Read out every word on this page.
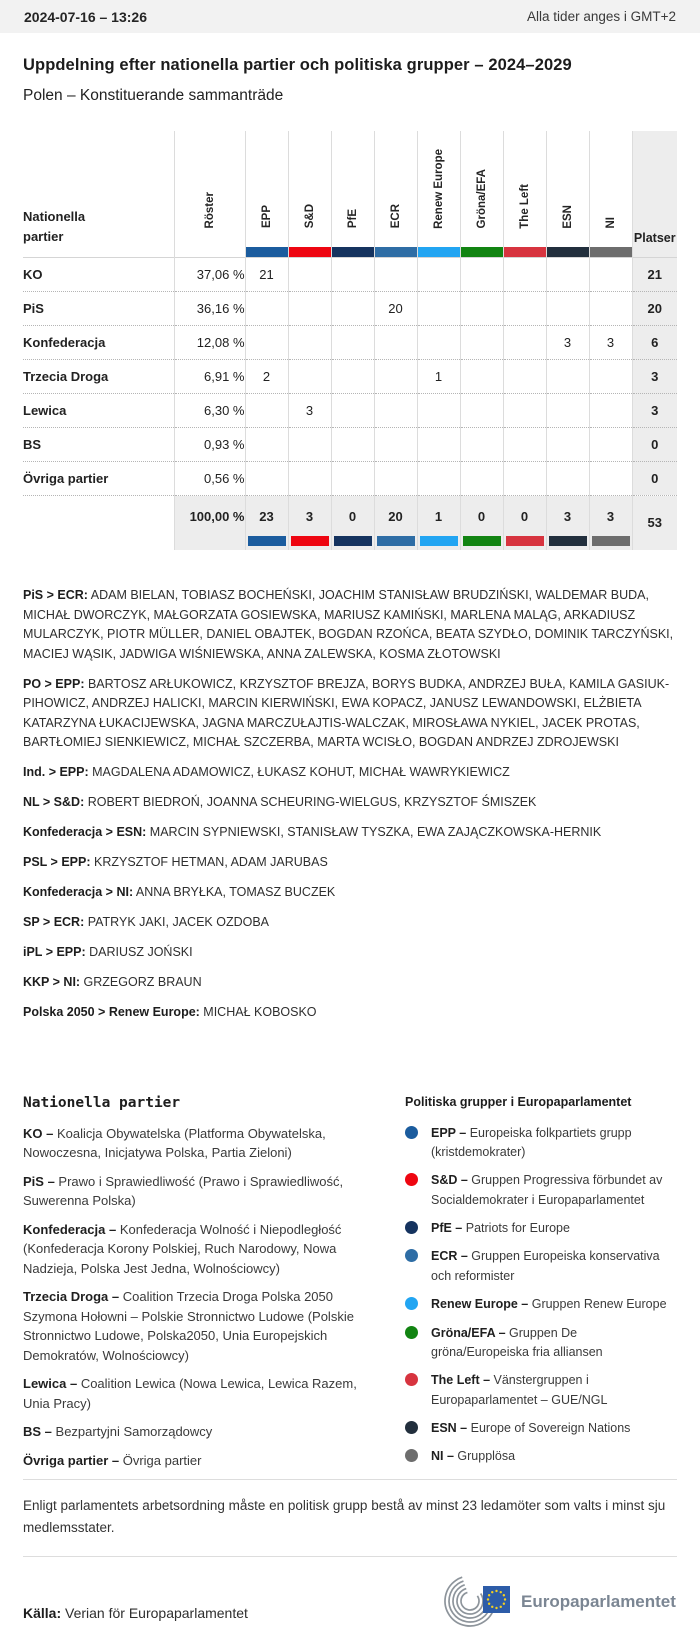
2024-07-16 – 13:26	Alla tider anges i GMT+2
Uppdelning efter nationella partier och politiska grupper – 2024–2029
Polen – Konstituerande sammanträde
Nationella partier	Röster	EPP	S&D	PfE	ECR	Renew Europe	Gröna/EFA	The Left	ESN	NI	Platser
KO	37,06 %	21									21
PiS	36,16 %				20						20
Konfederacja	12,08 %								3	3	6
Trzecia Droga	6,91 %	2				1					3
Lewica	6,30 %		3								3
BS	0,93 %										0
Övriga partier	0,56 %										0
	100,00 %	23	3	0	20	1	0	0	3	3	53

PiS > ECR: ADAM BIELAN, TOBIASZ BOCHEŃSKI, JOACHIM STANISŁAW BRUDZIŃSKI, WALDEMAR BUDA, MICHAŁ DWORCZYK, MAŁGORZATA GOSIEWSKA, MARIUSZ KAMIŃSKI, MARLENA MALĄG, ARKADIUSZ MULARCZYK, PIOTR MÜLLER, DANIEL OBAJTEK, BOGDAN RZOŃCA, BEATA SZYDŁO, DOMINIK TARCZYŃSKI, MACIEJ WĄSIK, JADWIGA WIŚNIEWSKA, ANNA ZALEWSKA, KOSMA ZŁOTOWSKI

PO > EPP: BARTOSZ ARŁUKOWICZ, KRZYSZTOF BREJZA, BORYS BUDKA, ANDRZEJ BUŁA, KAMILA GASIUK-PIHOWICZ, ANDRZEJ HALICKI, MARCIN KIERWIŃSKI, EWA KOPACZ, JANUSZ LEWANDOWSKI, ELŻBIETA KATARZYNA ŁUKACIJEWSKA, JAGNA MARCZUŁAJTIS-WALCZAK, MIROSŁAWA NYKIEL, JACEK PROTAS, BARTŁOMIEJ SIENKIEWICZ, MICHAŁ SZCZERBA, MARTA WCISŁO, BOGDAN ANDRZEJ ZDROJEWSKI

Ind. > EPP: MAGDALENA ADAMOWICZ, ŁUKASZ KOHUT, MICHAŁ WAWRYKIEWICZ

NL > S&D: ROBERT BIEDROŃ, JOANNA SCHEURING-WIELGUS, KRZYSZTOF ŚMISZEK

Konfederacja > ESN: MARCIN SYPNIEWSKI, STANISŁAW TYSZKA, EWA ZAJĄCZKOWSKA-HERNIK

PSL > EPP: KRZYSZTOF HETMAN, ADAM JARUBAS

Konfederacja > NI: ANNA BRYŁKA, TOMASZ BUCZEK

SP > ECR: PATRYK JAKI, JACEK OZDOBA

iPL > EPP: DARIUSZ JOŃSKI

KKP > NI: GRZEGORZ BRAUN

Polska 2050 > Renew Europe: MICHAŁ KOBOSKO

Nationella partier

KO – Koalicja Obywatelska (Platforma Obywatelska, Nowoczesna, Inicjatywa Polska, Partia Zieloni)

PiS – Prawo i Sprawiedliwość (Prawo i Sprawiedliwość, Suwerenna Polska)

Konfederacja – Konfederacja Wolność i Niepodległość (Konfederacja Korony Polskiej, Ruch Narodowy, Nowa Nadzieja, Polska Jest Jedna, Wolnościowcy)

Trzecia Droga – Coalition Trzecia Droga Polska 2050 Szymona Hołowni – Polskie Stronnictwo Ludowe (Polskie Stronnictwo Ludowe, Polska2050, Unia Europejskich Demokratów, Wolnościowcy)

Lewica – Coalition Lewica (Nowa Lewica, Lewica Razem, Unia Pracy)

BS – Bezpartyjni Samorządowcy

Övriga partier – Övriga partier

Politiska grupper i Europaparlamentet
EPP – Europeiska folkpartiets grupp (kristdemokrater)
S&D – Gruppen Progressiva förbundet av Socialdemokrater i Europaparlamentet
PfE – Patriots for Europe
ECR – Gruppen Europeiska konservativa och reformister
Renew Europe – Gruppen Renew Europe
Gröna/EFA – Gruppen De gröna/Europeiska fria alliansen
The Left – Vänstergruppen i Europaparlamentet – GUE/NGL
ESN – Europe of Sovereign Nations
NI – Grupplösa

Enligt parlamentets arbetsordning måste en politisk grupp bestå av minst 23 ledamöter som valts i minst sju medlemsstater.

Källa: Verian för Europaparlamentet

Europaparlamentet
